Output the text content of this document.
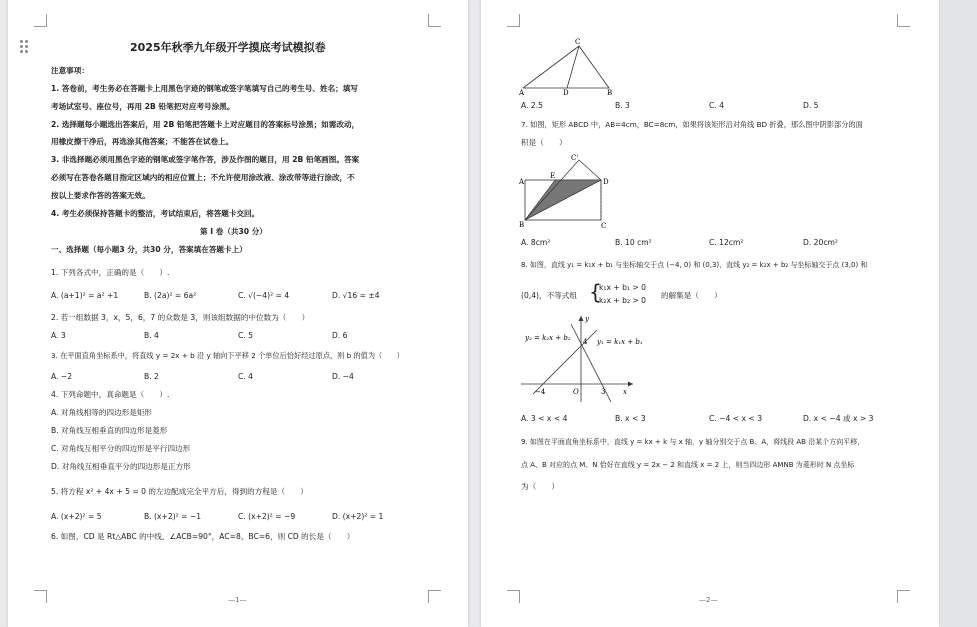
2025年秋季九年级开学摸底考试模拟卷
注意事项：
1. 答卷前，考生务必在答题卡上用黑色字迹的钢笔或签字笔填写自己的考生号、姓名；填写
考场试室号、座位号，再用 2B 铅笔把对应考号涂黑。
2. 选择题每小题选出答案后，用 2B 铅笔把答题卡上对应题目的答案标号涂黑；如需改动，
用橡皮擦干净后，再选涂其他答案；不能答在试卷上。
3. 非选择题必须用黑色字迹的钢笔或签字笔作答，涉及作图的题目，用 2B 铅笔画图。答案
必须写在答卷各题目指定区域内的相应位置上；不允许使用涂改液、涂改带等进行涂改，不
按以上要求作答的答案无效。
4. 考生必须保持答题卡的整洁，考试结束后，将答题卡交回。
第 I 卷（共30 分）
一、选择题（每小题3 分，共30 分，答案填在答题卡上）
1. 下列各式中，正确的是（　　）.
A. (a+1)² = a² +1	B. (2a)² = 6a²	C. √(−4)² = 4	D. √16 = ±4
2. 若一组数据 3，x，5，6，7 的众数是 3，则该组数据的中位数为（　　）
A. 3	B. 4	C. 5	D. 6
3. 在平面直角坐标系中，将直线 y = 2x + b 沿 y 轴向下平移 2 个单位后恰好经过原点，则 b 的值为（　　）
A. −2	B. 2	C. 4	D. −4
4. 下列命题中，真命题是（　　）.
A. 对角线相等的四边形是矩形
B. 对角线互相垂直的四边形是菱形
C. 对角线互相平分的四边形是平行四边形
D. 对角线互相垂直平分的四边形是正方形
5. 将方程 x² + 4x + 5 = 0 的左边配成完全平方后，得到的方程是（　　）
A. (x+2)² = 5	B. (x+2)² = −1	C. (x+2)² = −9	D. (x+2)² = 1
6. 如图，CD 是 Rt△ABC 的中线，∠ACB=90°，AC=8，BC=6，则 CD 的长是（　　）
—1—
C
A	D	B
A. 2.5	B. 3	C. 4	D. 5
7. 如图，矩形 ABCD 中，AB=4cm，BC=8cm，如果将该矩形沿对角线 BD 折叠，那么图中阴影部分的面
积是（　　）
C'
A
E
D
B	C
A. 8cm²	B. 10 cm²	C. 12cm²	D. 20cm²
8. 如图，直线 y₁ = k₁x + b₁ 与坐标轴交于点 (−4, 0) 和 (0,3)，直线 y₂ = k₂x + b₂ 与坐标轴交于点 (3,0) 和
(0,4)，不等式组 {
k₁x + b₁ > 0
k₂x + b₂ > 0
的解集是（　　）
y₂ = k₂x + b₂	y₁ = k₁x + b₁
y
x
4
−4	O	3
A. 3 < x < 4	B. x < 3	C. −4 < x < 3	D. x < −4 或 x > 3
9. 如图在平面直角坐标系中，直线 y = kx + k 与 x 轴，y 轴分别交于点 B、A，将线段 AB 沿某个方向平移，
点 A、B 对应的点 M、N 恰好在直线 y = 2x − 2 和直线 x = 2 上，则当四边形 AMNB 为菱形时 N 点坐标
为（　　）
—2—
